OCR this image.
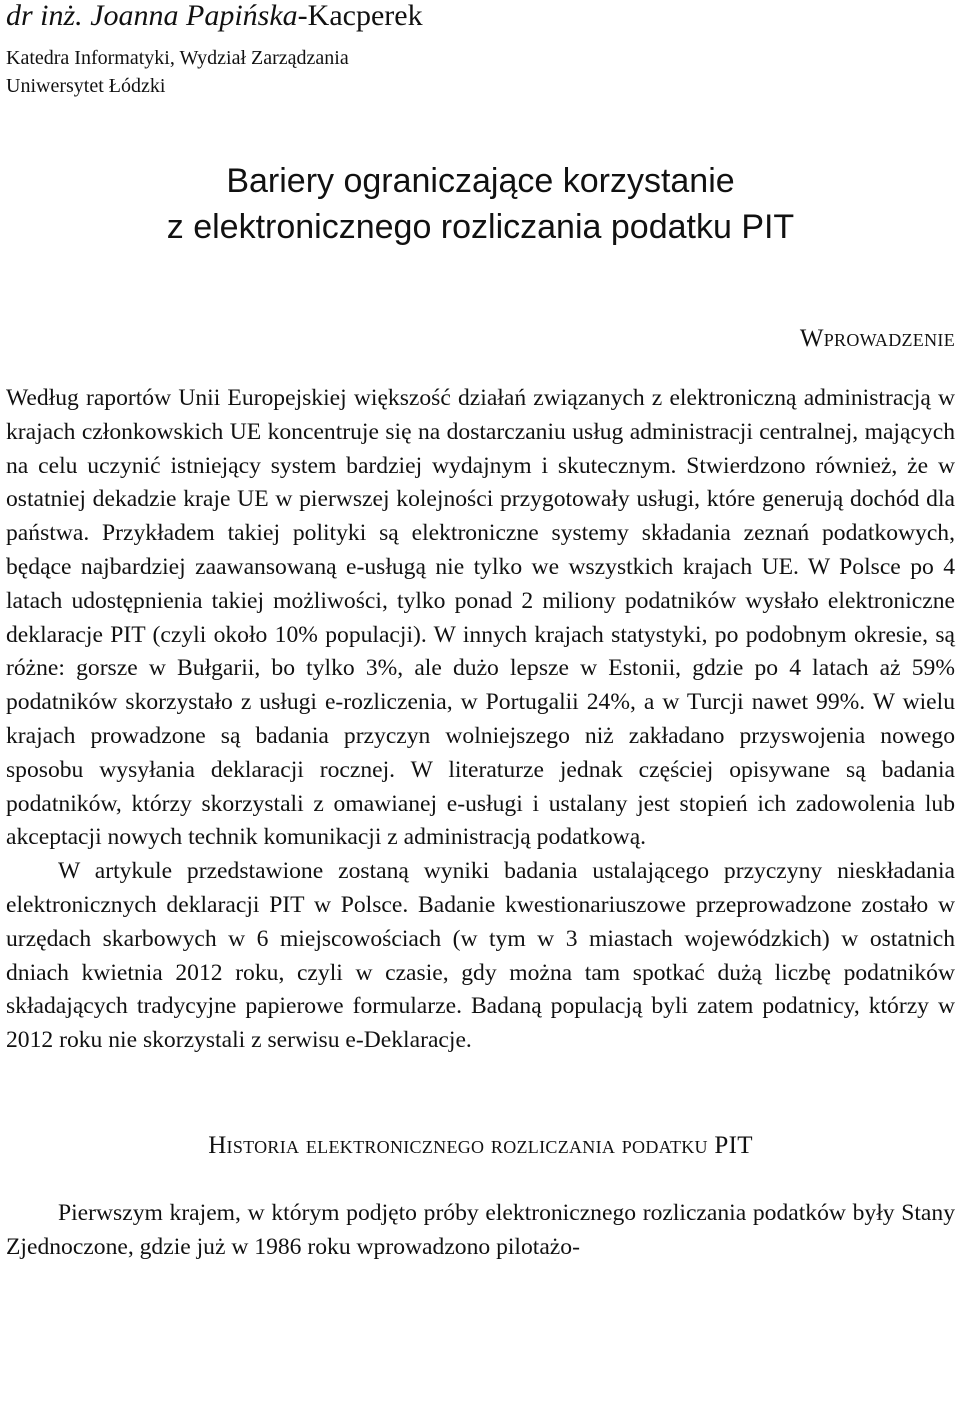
dr inż. Joanna Papińska-Kacperek
Katedra Informatyki, Wydział Zarządzania
Uniwersytet Łódzki
Bariery ograniczające korzystanie
z elektronicznego rozliczania podatku PIT
Wprowadzenie

Według raportów Unii Europejskiej większość działań związanych z elektroniczną administracją w krajach członkowskich UE koncentruje się na dostarczaniu usług administracji centralnej, mających na celu uczynić istniejący system bardziej wydajnym i skutecznym. Stwierdzono również, że w ostatniej dekadzie kraje UE w pierwszej kolejności przygotowały usługi, które generują dochód dla państwa. Przykładem takiej polityki są elektroniczne systemy składania zeznań podatkowych, będące najbardziej zaawansowaną e-usługą nie tylko we wszystkich krajach UE. W Polsce po 4 latach udostępnienia takiej możliwości, tylko ponad 2 miliony podatników wysłało elektroniczne deklaracje PIT (czyli około 10% populacji). W innych krajach statystyki, po podobnym okresie, są różne: gorsze w Bułgarii, bo tylko 3%, ale dużo lepsze w Estonii, gdzie po 4 latach aż 59% podatników skorzystało z usługi e-rozliczenia, w Portugalii 24%, a w Turcji nawet 99%. W wielu krajach prowadzone są badania przyczyn wolniejszego niż zakładano przyswojenia nowego sposobu wysyłania deklaracji rocznej. W literaturze jednak częściej opisywane są badania podatników, którzy skorzystali z omawianej e-usługi i ustalany jest stopień ich zadowolenia lub akceptacji nowych technik komunikacji z administracją podatkową.

W artykule przedstawione zostaną wyniki badania ustalającego przyczyny nieskładania elektronicznych deklaracji PIT w Polsce. Badanie kwestionariuszowe przeprowadzone zostało w urzędach skarbowych w 6 miejscowościach (w tym w 3 miastach wojewódzkich) w ostatnich dniach kwietnia 2012 roku, czyli w czasie, gdy można tam spotkać dużą liczbę podatników składających tradycyjne papierowe formularze. Badaną populacją byli zatem podatnicy, którzy w 2012 roku nie skorzystali z serwisu e-Deklaracje.

Historia elektronicznego rozliczania podatku PIT

Pierwszym krajem, w którym podjęto próby elektronicznego rozliczania podatków były Stany Zjednoczone, gdzie już w 1986 roku wprowadzono pilotażo-
